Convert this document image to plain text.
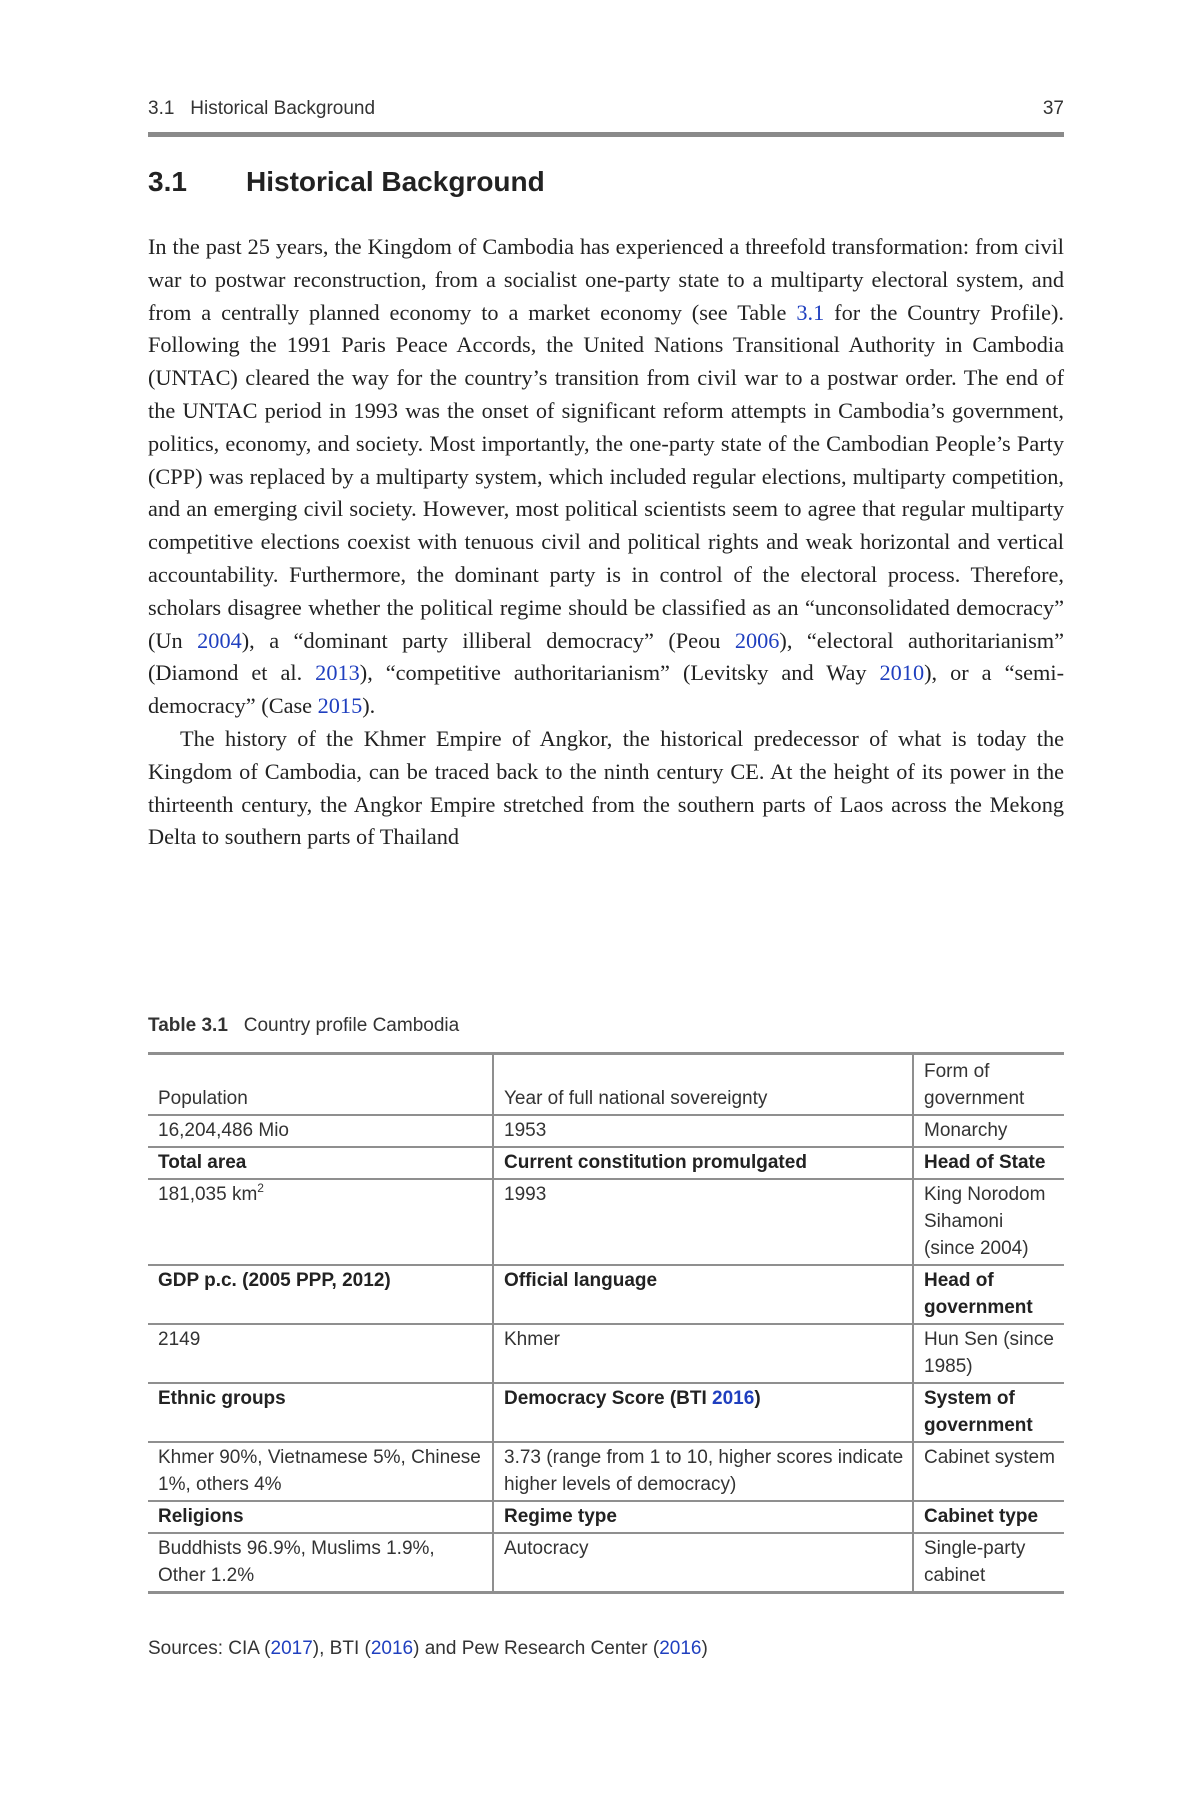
3.1 Historical Background	37
3.1 Historical Background

In the past 25 years, the Kingdom of Cambodia has experienced a threefold transformation: from civil war to postwar reconstruction, from a socialist one-party state to a multiparty electoral system, and from a centrally planned economy to a market economy (see Table 3.1 for the Country Profile). Following the 1991 Paris Peace Accords, the United Nations Transitional Authority in Cambodia (UNTAC) cleared the way for the country’s transition from civil war to a postwar order. The end of the UNTAC period in 1993 was the onset of significant reform attempts in Cambodia’s government, politics, economy, and society. Most importantly, the one-party state of the Cambodian People’s Party (CPP) was replaced by a multiparty system, which included regular elections, multiparty competition, and an emerging civil society. However, most political scientists seem to agree that regular multiparty competitive elections coexist with tenuous civil and political rights and weak horizontal and vertical accountability. Furthermore, the dominant party is in control of the electoral process. Therefore, scholars disagree whether the political regime should be classified as an “unconsolidated democracy” (Un 2004), a “dominant party illiberal democracy” (Peou 2006), “electoral authoritarianism” (Diamond et al. 2013), “competitive authoritarianism” (Levitsky and Way 2010), or a “semi-democracy” (Case 2015).

The history of the Khmer Empire of Angkor, the historical predecessor of what is today the Kingdom of Cambodia, can be traced back to the ninth century CE. At the height of its power in the thirteenth century, the Angkor Empire stretched from the southern parts of Laos across the Mekong Delta to southern parts of Thailand

Table 3.1 Country profile Cambodia
Population	Year of full national sovereignty	Form of government
16,204,486 Mio	1953	Monarchy
Total area	Current constitution promulgated	Head of State
181,035 $km^2$	1993	King Norodom Sihamoni (since 2004)
GDP p.c. (2005 PPP, 2012)	Official language	Head of government
2149	Khmer	Hun Sen (since 1985)
Ethnic groups	Democracy Score (BTI 2016)	System of government
Khmer 90%, Vietnamese 5%, Chinese 1%, others 4%	3.73 (range from 1 to 10, higher scores indicate higher levels of democracy)	Cabinet system
Religions	Regime type	Cabinet type
Buddhists 96.9%, Muslims 1.9%, Other 1.2%	Autocracy	Single-party cabinet
Sources: CIA (2017), BTI (2016) and Pew Research Center (2016)
